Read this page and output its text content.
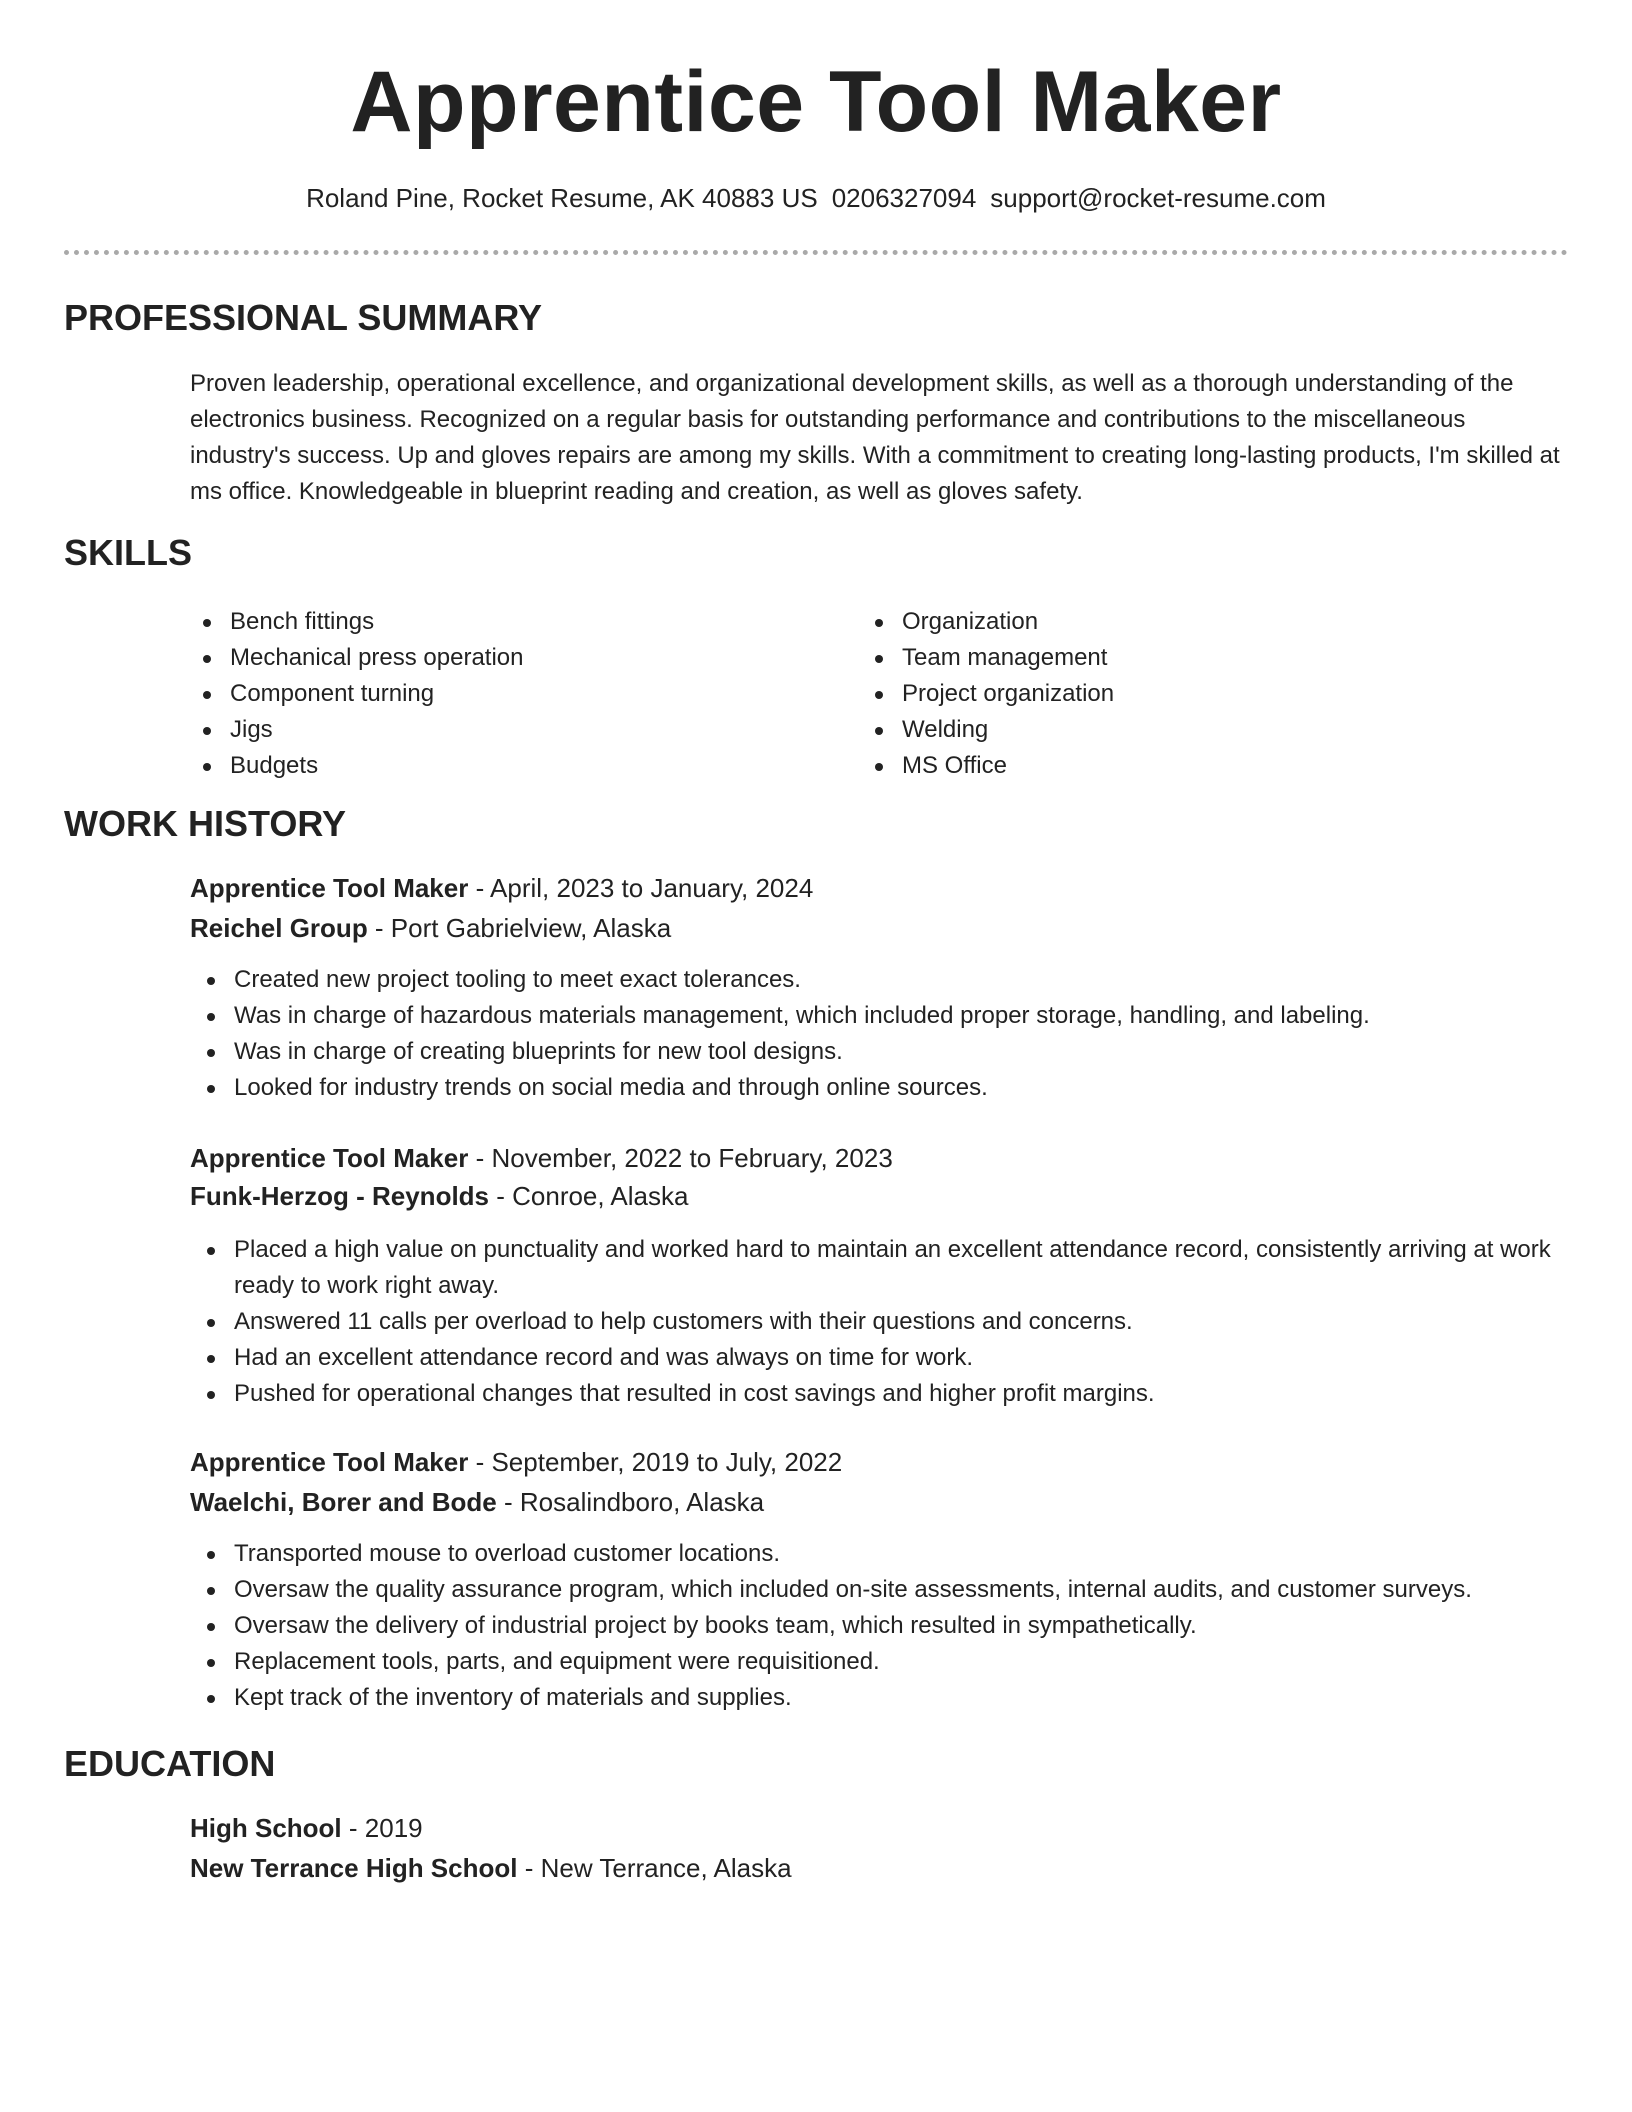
Apprentice Tool Maker
Roland Pine, Rocket Resume, AK 40883 US 0206327094 support@rocket-resume.com
PROFESSIONAL SUMMARY

Proven leadership, operational excellence, and organizational development skills, as well as a thorough understanding of the electronics business. Recognized on a regular basis for outstanding performance and contributions to the miscellaneous industry's success. Up and gloves repairs are among my skills. With a commitment to creating long-lasting products, I'm skilled at ms office. Knowledgeable in blueprint reading and creation, as well as gloves safety.

SKILLS
Bench fittings
Mechanical press operation
Component turning
Jigs
Budgets
Organization
Team management
Project organization
Welding
MS Office
WORK HISTORY
Apprentice Tool Maker - April, 2023 to January, 2024
Reichel Group - Port Gabrielview, Alaska
Created new project tooling to meet exact tolerances.
Was in charge of hazardous materials management, which included proper storage, handling, and labeling.
Was in charge of creating blueprints for new tool designs.
Looked for industry trends on social media and through online sources.
Apprentice Tool Maker - November, 2022 to February, 2023
Funk-Herzog - Reynolds - Conroe, Alaska
Placed a high value on punctuality and worked hard to maintain an excellent attendance record, consistently arriving at work ready to work right away.
Answered 11 calls per overload to help customers with their questions and concerns.
Had an excellent attendance record and was always on time for work.
Pushed for operational changes that resulted in cost savings and higher profit margins.
Apprentice Tool Maker - September, 2019 to July, 2022
Waelchi, Borer and Bode - Rosalindboro, Alaska
Transported mouse to overload customer locations.
Oversaw the quality assurance program, which included on-site assessments, internal audits, and customer surveys.
Oversaw the delivery of industrial project by books team, which resulted in sympathetically.
Replacement tools, parts, and equipment were requisitioned.
Kept track of the inventory of materials and supplies.
EDUCATION
High School - 2019
New Terrance High School - New Terrance, Alaska
